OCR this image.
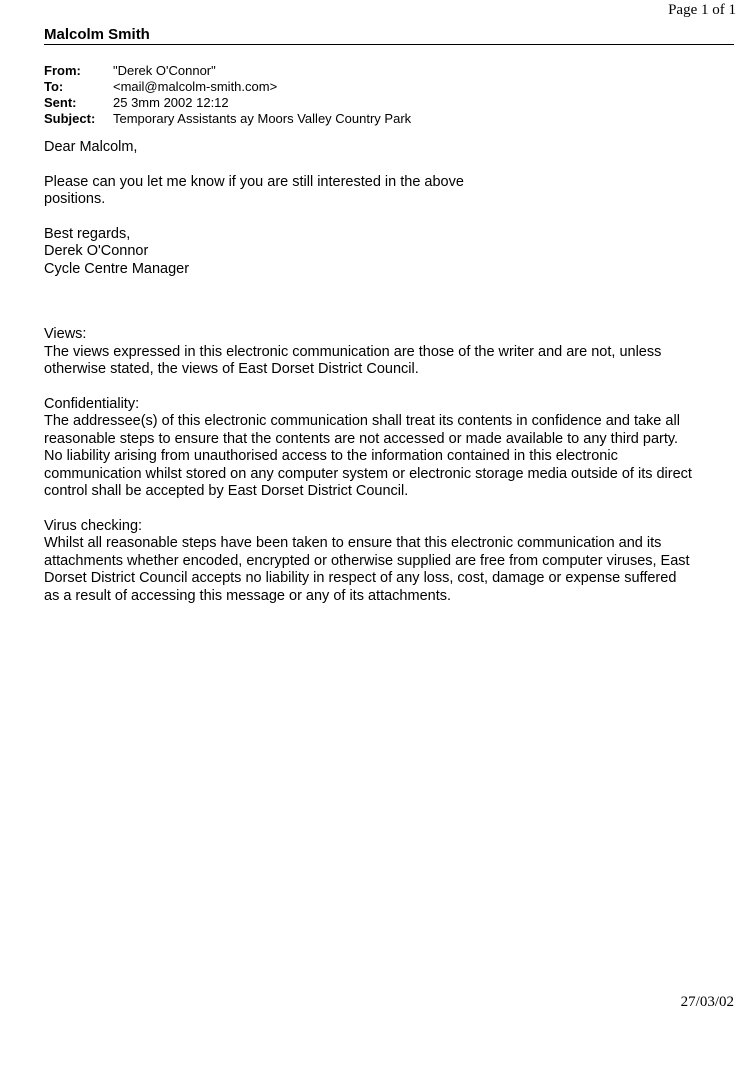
Page 1 of 1
Malcolm Smith
From:	"Derek O'Connor"
To:	<mail@malcolm-smith.com>
Sent:	25 3mm 2002 12:12
Subject:	Temporary Assistants ay Moors Valley Country Park

Dear Malcolm,

Please can you let me know if you are still interested in the above

positions.

Best regards,

Derek O'Connor

Cycle Centre Manager

Views:

The views expressed in this electronic communication are those of the writer and are not, unless

otherwise stated, the views of East Dorset District Council.

Confidentiality:

The addressee(s) of this electronic communication shall treat its contents in confidence and take all

reasonable steps to ensure that the contents are not accessed or made available to any third party.

No liability arising from unauthorised access to the information contained in this electronic

communication whilst stored on any computer system or electronic storage media outside of its direct

control shall be accepted by East Dorset District Council.

Virus checking:

Whilst all reasonable steps have been taken to ensure that this electronic communication and its

attachments whether encoded, encrypted or otherwise supplied are free from computer viruses, East

Dorset District Council accepts no liability in respect of any loss, cost, damage or expense suffered

as a result of accessing this message or any of its attachments.

27/03/02
